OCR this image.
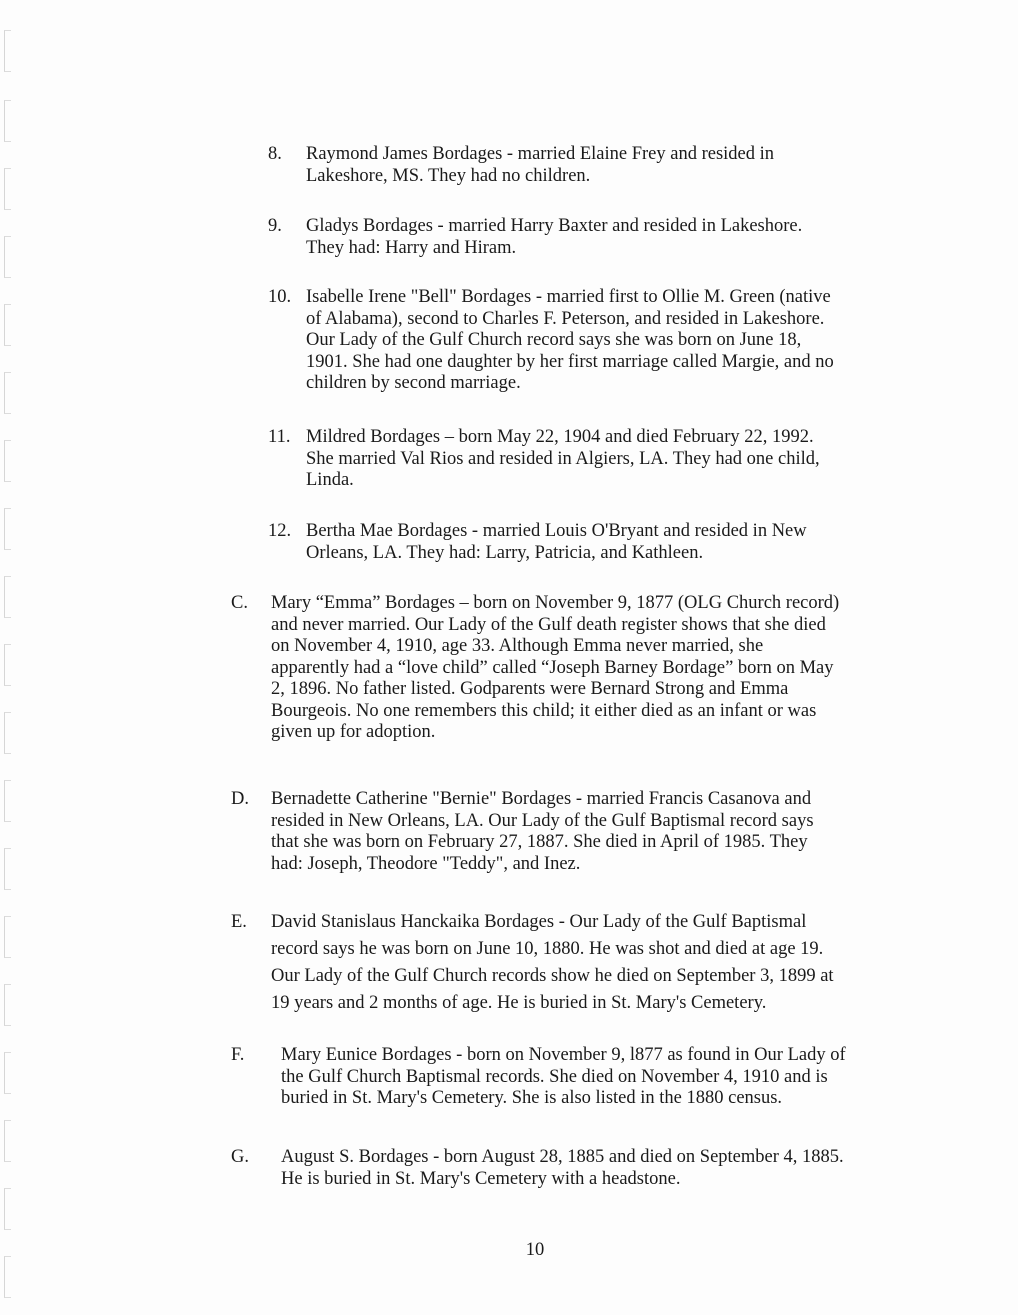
8. Raymond James Bordages - married Elaine Frey and resided in
Lakeshore, MS. They had no children.
9. Gladys Bordages - married Harry Baxter and resided in Lakeshore.
They had: Harry and Hiram.
10. Isabelle Irene "Bell" Bordages - married first to Ollie M. Green (native
of Alabama), second to Charles F. Peterson, and resided in Lakeshore.
Our Lady of the Gulf Church record says she was born on June 18,
1901. She had one daughter by her first marriage called Margie, and no
children by second marriage.
11. Mildred Bordages – born May 22, 1904 and died February 22, 1992.
She married Val Rios and resided in Algiers, LA. They had one child,
Linda.
12. Bertha Mae Bordages - married Louis O'Bryant and resided in New
Orleans, LA. They had: Larry, Patricia, and Kathleen.
C. Mary “Emma” Bordages – born on November 9, 1877 (OLG Church record)
and never married. Our Lady of the Gulf death register shows that she died
on November 4, 1910, age 33. Although Emma never married, she
apparently had a “love child” called “Joseph Barney Bordage” born on May
2, 1896. No father listed. Godparents were Bernard Strong and Emma
Bourgeois. No one remembers this child; it either died as an infant or was
given up for adoption.
D. Bernadette Catherine "Bernie" Bordages - married Francis Casanova and
resided in New Orleans, LA. Our Lady of the Gulf Baptismal record says
that she was born on February 27, 1887. She died in April of 1985. They
had: Joseph, Theodore "Teddy", and Inez.
E. David Stanislaus Hanckaika Bordages - Our Lady of the Gulf Baptismal
record says he was born on June 10, 1880. He was shot and died at age 19.
Our Lady of the Gulf Church records show he died on September 3, 1899 at
19 years and 2 months of age. He is buried in St. Mary's Cemetery.
F. Mary Eunice Bordages - born on November 9, l877 as found in Our Lady of
the Gulf Church Baptismal records. She died on November 4, 1910 and is
buried in St. Mary's Cemetery. She is also listed in the 1880 census.
G. August S. Bordages - born August 28, 1885 and died on September 4, 1885.
He is buried in St. Mary's Cemetery with a headstone.
10
